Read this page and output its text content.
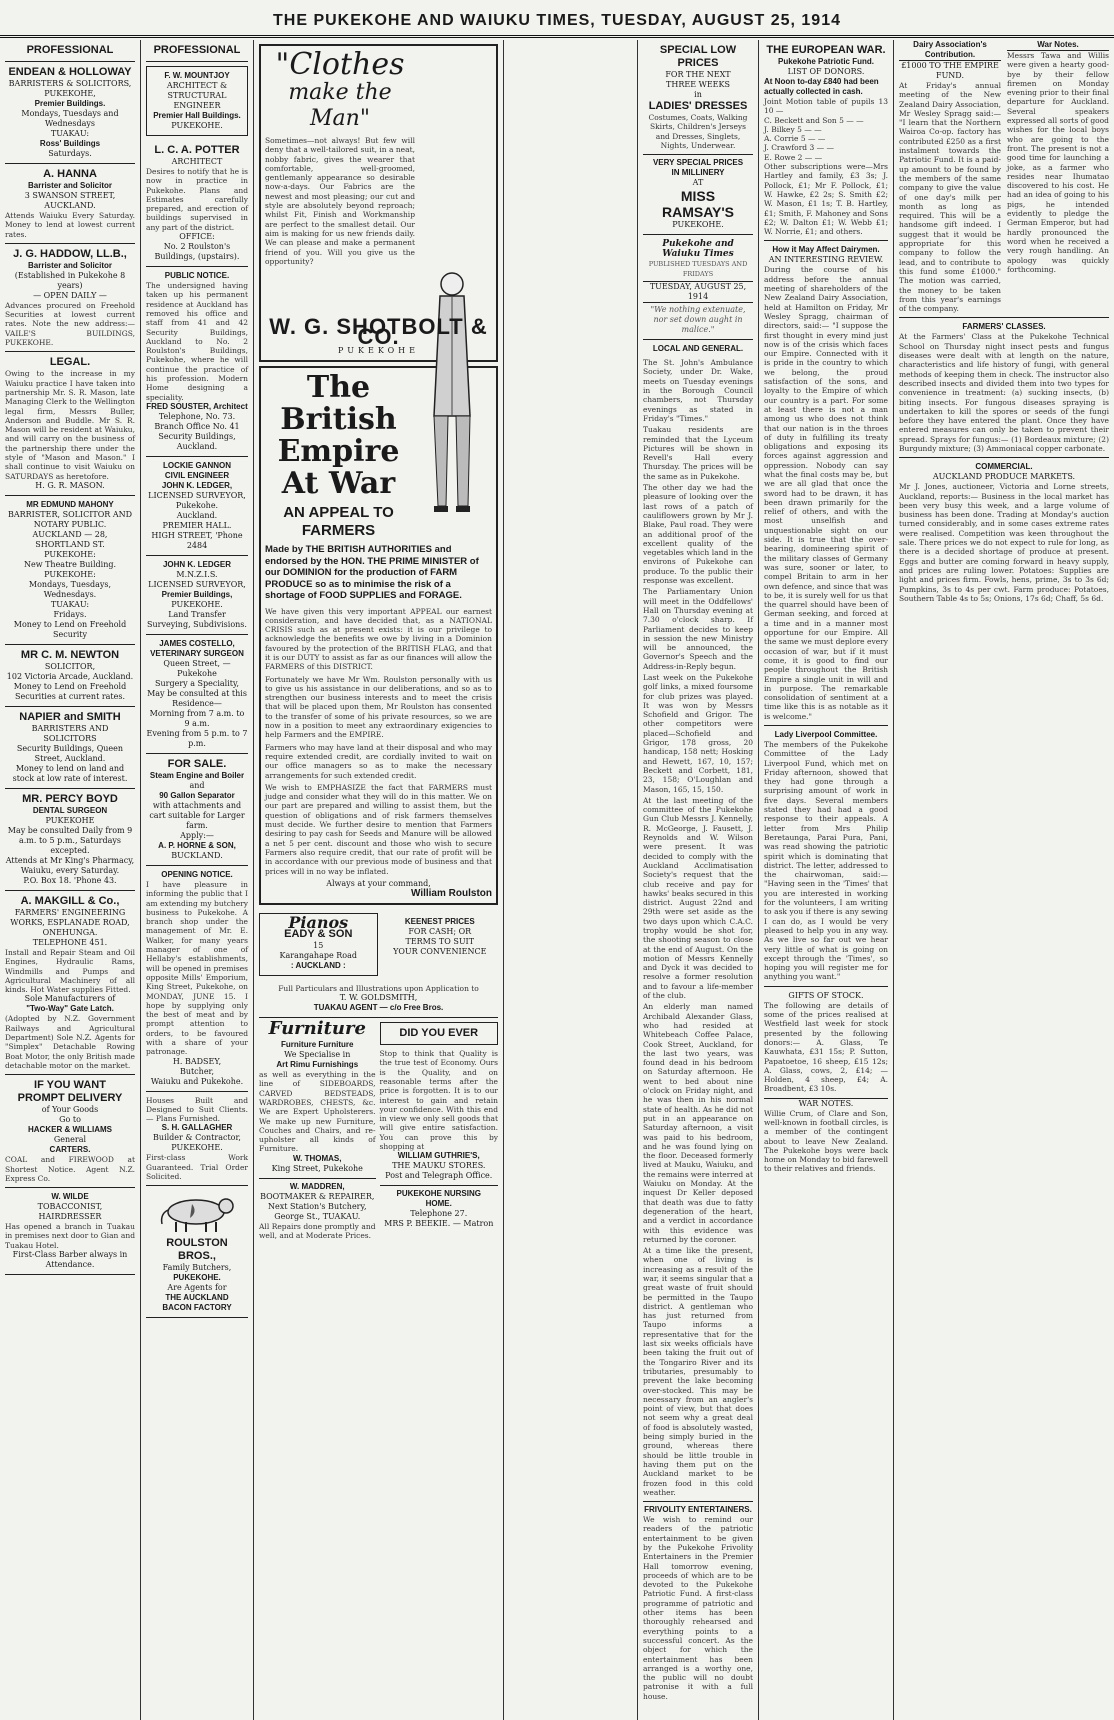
THE PUKEKOHE AND WAIUKU TIMES, TUESDAY, AUGUST 25, 1914
PROFESSIONAL
ENDEAN & HOLLOWAY
BARRISTERS & SOLICITORS, PUKEKOHE,
Premier Buildings.
Mondays, Tuesdays and Wednesdays
TUAKAU:
Ross' Buildings
Saturdays.
A. HANNA
Barrister and Solicitor
3 SWANSON STREET, AUCKLAND.
Attends Waiuku Every Saturday. Money to lend at lowest current rates.
J. G. HADDOW, LL.B.,
Barrister and Solicitor
(Established in Pukekohe 8 years)
— OPEN DAILY —
Advances procured on Freehold Securities at lowest current rates. Note the new address:— VAILE'S BUILDINGS, PUKEKOHE.
LEGAL.
Owing to the increase in my Waiuku practice I have taken into partnership Mr. S. R. Mason, late Managing Clerk to the Wellington legal firm, Messrs Buller, Anderson and Buddle. Mr S. R. Mason will be resident at Waiuku, and will carry on the business of the partnership there under the style of "Mason and Mason." I shall continue to visit Waiuku on SATURDAYS as heretofore.
H. G. R. MASON.
MR EDMUND MAHONY
BARRISTER, SOLICITOR AND NOTARY PUBLIC.
AUCKLAND — 28, SHORTLAND ST.
PUKEKOHE:
New Theatre Building.
PUKEKOHE:
Mondays, Tuesdays, Wednesdays.
TUAKAU:
Fridays.
Money to Lend on Freehold Security
MR C. M. NEWTON
SOLICITOR,
102 Victoria Arcade, Auckland.
Money to Lend on Freehold Securities at current rates.
NAPIER and SMITH
BARRISTERS AND SOLICITORS
Security Buildings, Queen Street, Auckland.
Money to lend on land and stock at low rate of interest.
MR. PERCY BOYD
DENTAL SURGEON
PUKEKOHE
May be consulted Daily from 9 a.m. to 5 p.m., Saturdays excepted.
Attends at Mr King's Pharmacy, Waiuku, every Saturday.
P.O. Box 18. 'Phone 43.
A. MAKGILL & Co.,
FARMERS' ENGINEERING WORKS, ESPLANADE ROAD, ONEHUNGA.
TELEPHONE 451.
Install and Repair Steam and Oil Engines, Hydraulic Rams, Windmills and Pumps and Agricultural Machinery of all kinds. Hot Water supplies Fitted.
Sole Manufacturers of
"Two-Way" Gate Latch.
(Adopted by N.Z. Government Railways and Agricultural Department) Sole N.Z. Agents for "Simplex" Detachable Rowing Boat Motor, the only British made detachable motor on the market.
IF YOU WANT
PROMPT DELIVERY
of Your Goods
Go to
HACKER & WILLIAMS
General
CARTERS.
COAL and FIREWOOD at Shortest Notice. Agent N.Z. Express Co.
W. WILDE
TOBACCONIST, HAIRDRESSER
Has opened a branch in Tuakau in premises next door to Gian and Tuakau Hotel.
First-Class Barber always in Attendance.
PROFESSIONAL
F. W. MOUNTJOY
ARCHITECT & STRUCTURAL ENGINEER
Premier Hall Buildings.
PUKEKOHE.
L. C. A. POTTER
ARCHITECT
Desires to notify that he is now in practice in Pukekohe. Plans and Estimates carefully prepared, and erection of buildings supervised in any part of the district.
OFFICE:
No. 2 Roulston's Buildings, (upstairs).
PUBLIC NOTICE.
The undersigned having taken up his permanent residence at Auckland has removed his office and staff from 41 and 42 Security Buildings, Auckland to No. 2 Roulston's Buildings, Pukekohe, where he will continue the practice of his profession. Modern Home designing a speciality.
FRED SOUSTER, Architect
Telephone, No. 73.
Branch Office No. 41 Security Buildings, Auckland.
LOCKIE GANNON
CIVIL ENGINEER
JOHN K. LEDGER,
LICENSED SURVEYOR,
Pukekohe.
Auckland.
PREMIER HALL.
HIGH STREET, 'Phone 2484
JOHN K. LEDGER
M.N.Z.I.S.
LICENSED SURVEYOR,
Premier Buildings,
PUKEKOHE.
Land Transfer Surveying, Subdivisions.
JAMES COSTELLO,
VETERINARY SURGEON
Queen Street, — Pukekohe
Surgery a Speciality,
May be consulted at this Residence—
Morning from 7 a.m. to 9 a.m.
Evening from 5 p.m. to 7 p.m.
FOR SALE.
Steam Engine and Boiler
and
90 Gallon Separator
with attachments and cart suitable for Larger farm.
Apply:—
A. P. HORNE & SON,
BUCKLAND.
OPENING NOTICE.
I have pleasure in informing the public that I am extending my butchery business to Pukekohe. A branch shop under the management of Mr. E. Walker, for many years manager of one of Hellaby's establishments, will be opened in premises opposite Mills' Emporium, King Street, Pukekohe, on MONDAY, JUNE 15. I hope by supplying only the best of meat and by prompt attention to orders, to be favoured with a share of your patronage.
H. BADSEY,
Butcher,
Waiuku and Pukekohe.
Houses Built and Designed to Suit Clients. — Plans Furnished.
S. H. GALLAGHER
Builder & Contractor,
PUKEKOHE.
First-class Work Guaranteed. Trial Order Solicited.
ROULSTON BROS.,
Family Butchers,
PUKEKOHE.
Are Agents for
THE AUCKLAND
BACON FACTORY
"Clothes
make the Man"
Sometimes—not always! But few will deny that a well-tailored suit, in a neat, nobby fabric, gives the wearer that comfortable, well-groomed, gentlemanly appearance so desirable now-a-days. Our Fabrics are the newest and most pleasing; our cut and style are absolutely beyond reproach; whilst Fit, Finish and Workmanship are perfect to the smallest detail. Our aim is making for us new friends daily. We can please and make a permanent friend of you. Will you give us the opportunity?
W. G. SHOTBOLT & CO.
PUKEKOHE
The British Empire
At War
AN APPEAL TO FARMERS
Made by THE BRITISH AUTHORITIES and endorsed by the HON. THE PRIME MINISTER of our DOMINION for the production of FARM PRODUCE so as to minimise the risk of a shortage of FOOD SUPPLIES and FORAGE.
We have given this very important APPEAL our earnest consideration, and have decided that, as a NATIONAL CRISIS such as at present exists: it is our privilege to acknowledge the benefits we owe by living in a Dominion favoured by the protection of the BRITISH FLAG, and that it is our DUTY to assist as far as our finances will allow the FARMERS of this DISTRICT.
Fortunately we have Mr Wm. Roulston personally with us to give us his assistance in our deliberations, and so as to strengthen our business interests and to meet the crisis that will be placed upon them, Mr Roulston has consented to the transfer of some of his private resources, so we are now in a position to meet any extraordinary exigencies to help Farmers and the EMPIRE.
Farmers who may have land at their disposal and who may require extended credit, are cordially invited to wait on our office managers so as to make the necessary arrangements for such extended credit.
We wish to EMPHASIZE the fact that FARMERS must judge and consider what they will do in this matter. We on our part are prepared and willing to assist them, but the question of obligations and of risk farmers themselves must decide. We further desire to mention that Farmers desiring to pay cash for Seeds and Manure will be allowed a net 5 per cent. discount and those who wish to secure Farmers also require credit, that our rate of profit will be in accordance with our previous mode of business and that prices will in no way be inflated.
Always at your command,
William Roulston
Pianos
EADY & SON
15
Karangahape Road
: AUCKLAND :
KEENEST PRICES
FOR CASH; OR
TERMS TO SUIT
YOUR CONVENIENCE
Full Particulars and Illustrations upon Application to
T. W. GOLDSMITH,
TUAKAU AGENT — c/o Free Bros.
Furniture
Furniture Furniture
We Specialise in
Art Rimu Furnishings
as well as everything in the line of SIDEBOARDS, CARVED BEDSTEADS, WARDROBES, CHESTS, &c. We are Expert Upholsterers. We make up new Furniture, Couches and Chairs, and re-upholster all kinds of Furniture.
W. THOMAS,
King Street, Pukekohe
W. MADDREN,
BOOTMAKER & REPAIRER,
Next Station's Butchery, George St., TUAKAU.
All Repairs done promptly and well, and at Moderate Prices.
DID YOU EVER
Stop to think that Quality is the true test of Economy. Ours is the Quality, and on reasonable terms after the price is forgotten. It is to our interest to gain and retain your confidence. With this end in view we only sell goods that will give entire satisfaction. You can prove this by shopping at
WILLIAM GUTHRIE'S,
THE MAUKU STORES.
Post and Telegraph Office.
PUKEKOHE NURSING
HOME.
Telephone 27.
MRS P. BEEKIE. — Matron
SPECIAL LOW PRICES
FOR THE NEXT
THREE WEEKS
in
LADIES' DRESSES
Costumes, Coats, Walking Skirts, Children's Jerseys and Dresses, Singlets, Nights, Underwear.
VERY SPECIAL PRICES
IN MILLINERY
AT
MISS RAMSAY'S
PUKEKOHE.
Pukekohe and Waiuku Times
PUBLISHED TUESDAYS AND FRIDAYS
TUESDAY, AUGUST 25, 1914
"We nothing extenuate, nor set down aught in malice."
LOCAL AND GENERAL.
The St. John's Ambulance Society, under Dr. Wake, meets on Tuesday evenings in the Borough Council chambers, not Thursday evenings as stated in Friday's "Times."
Tuakau residents are reminded that the Lyceum Pictures will be shown in Revell's Hall every Thursday. The prices will be the same as in Pukekohe.
The other day we had the pleasure of looking over the last rows of a patch of cauliflowers grown by Mr J. Blake, Paul road. They were an additional proof of the excellent quality of the vegetables which land in the environs of Pukekohe can produce. To the public their response was excellent.
The Parliamentary Union will meet in the Oddfellows' Hall on Thursday evening at 7.30 o'clock sharp. If Parliament decides to keep in session the new Ministry will be announced, the Governor's Speech and the Address-in-Reply begun.
Last week on the Pukekohe golf links, a mixed foursome for club prizes was played. It was won by Messrs Schofield and Grigor. The other competitors were placed—Schofield and Grigor, 178 gross, 20 handicap, 158 nett; Hosking and Hewett, 167, 10, 157; Beckett and Corbett, 181, 23, 158; O'Loughlan and Mason, 165, 15, 150.
At the last meeting of the committee of the Pukekohe Gun Club Messrs J. Kennelly, R. McGeorge, J. Fausett, J. Reynolds and W. Wilson were present. It was decided to comply with the Auckland Acclimatisation Society's request that the club receive and pay for hawks' beaks secured in this district. August 22nd and 29th were set aside as the two days upon which C.A.C. trophy would be shot for, the shooting season to close at the end of August. On the motion of Messrs Kennelly and Dyck it was decided to resolve a former resolution and to favour a life-member of the club.
An elderly man named Archibald Alexander Glass, who had resided at Whitebeach Coffee Palace, Cook Street, Auckland, for the last two years, was found dead in his bedroom on Saturday afternoon. He went to bed about nine o'clock on Friday night, and he was then in his normal state of health. As he did not put in an appearance on Saturday afternoon, a visit was paid to his bedroom, and he was found lying on the floor. Deceased formerly lived at Mauku, Waiuku, and the remains were interred at Waiuku on Monday. At the inquest Dr Keller deposed that death was due to fatty degeneration of the heart, and a verdict in accordance with this evidence was returned by the coroner.
At a time like the present, when one of living is increasing as a result of the war, it seems singular that a great waste of fruit should be permitted in the Taupo district. A gentleman who has just returned from Taupo informs a representative that for the last six weeks officials have been taking the fruit out of the Tongariro River and its tributaries, presumably to prevent the lake becoming over-stocked. This may be necessary from an angler's point of view, but that does not seem why a great deal of food is absolutely wasted, being simply buried in the ground, whereas there should be little trouble in having them put on the Auckland market to be frozen food in this cold weather.
FRIVOLITY ENTERTAINERS.
We wish to remind our readers of the patriotic entertainment to be given by the Pukekohe Frivolity Entertainers in the Premier Hall tomorrow evening, proceeds of which are to be devoted to the Pukekohe Patriotic Fund. A first-class programme of patriotic and other items has been thoroughly rehearsed and everything points to a successful concert. As the object for which the entertainment has been arranged is a worthy one, the public will no doubt patronise it with a full house.
THE EUROPEAN WAR.
Pukekohe Patriotic Fund.
LIST OF DONORS.
At Noon to-day £840 had been actually collected in cash.
Joint Motion table of pupils 13 10 —
C. Beckett and Son 5 — —
J. Bilkey 5 — —
A. Corrie 5 — —
J. Crawford 3 — —
E. Rowe 2 — —
Other subscriptions were—Mrs Hartley and family, £3 3s; J. Pollock, £1; Mr F. Pollock, £1; W. Hawke, £2 2s; S. Smith £2; W. Mason, £1 1s; T. B. Hartley, £1; Smith, F. Mahoney and Sons £2; W. Dalton £1; W. Webb £1; W. Norrie, £1; and others.
How it May Affect Dairymen.
AN INTERESTING REVIEW.
During the course of his address before the annual meeting of shareholders of the New Zealand Dairy Association, held at Hamilton on Friday, Mr Wesley Spragg, chairman of directors, said:— "I suppose the first thought in every mind just now is of the crisis which faces our Empire. Connected with it is pride in the country to which we belong, the proud satisfaction of the sons, and loyalty to the Empire of which our country is a part. For some at least there is not a man among us who does not think that our nation is in the throes of duty in fulfilling its treaty obligations and exposing its forces against aggression and oppression. Nobody can say what the final costs may be, but we are all glad that once the sword had to be drawn, it has been drawn primarily for the relief of others, and with the most unselfish and unquestionable sight on our side. It is true that the over-bearing, domineering spirit of the military classes of Germany was sure, sooner or later, to compel Britain to arm in her own defence, and since that was to be, it is surely well for us that the quarrel should have been of German seeking, and forced at a time and in a manner most opportune for our Empire. All the same we must deplore every occasion of war, but if it must come, it is good to find our people throughout the British Empire a single unit in will and in purpose. The remarkable consolidation of sentiment at a time like this is as notable as it is welcome."
Lady Liverpool Committee.
The members of the Pukekohe Committee of the Lady Liverpool Fund, which met on Friday afternoon, showed that they had gone through a surprising amount of work in five days. Several members stated they had had a good response to their appeals. A letter from Mrs Philip Beretaunga, Parai Pura, Pani, was read showing the patriotic spirit which is dominating that district. The letter, addressed to the chairwoman, said:— "Having seen in the 'Times' that you are interested in working for the volunteers, I am writing to ask you if there is any sewing I can do, as I would be very pleased to help you in any way. As we live so far out we hear very little of what is going on except through the 'Times', so hoping you will register me for anything you want."
GIFTS OF STOCK.
The following are details of some of the prices realised at Westfield last week for stock presented by the following donors:— A. Glass, Te Kauwhata, £31 15s; P. Sutton, Papatoetoe, 16 sheep, £15 12s; A. Glass, cows, 2, £14; — Holden, 4 sheep, £4; A. Broadbent, £3 10s.
WAR NOTES.
Willie Crum, of Clare and Son, well-known in football circles, is a member of the contingent about to leave New Zealand. The Pukekohe boys were back home on Monday to bid farewell to their relatives and friends.
Dairy Association's Contribution.
£1000 TO THE EMPIRE FUND.
At Friday's annual meeting of the New Zealand Dairy Association, Mr Wesley Spragg said:— "I learn that the Northern Wairoa Co-op. factory has contributed £250 as a first instalment towards the Patriotic Fund. It is a paid-up amount to be found by the members of the same company to give the value of one day's milk per month as long as required. This will be a handsome gift indeed. I suggest that it would be appropriate for this company to follow the lead, and to contribute to this fund some £1000." The motion was carried, the money to be taken from this year's earnings of the company.
War Notes.
Messrs Tawa and Willis were given a hearty good-bye by their fellow firemen on Monday evening prior to their final departure for Auckland. Several speakers expressed all sorts of good wishes for the local boys who are going to the front. The present is not a good time for launching a joke, as a farmer who resides near Ihumatao discovered to his cost. He had an idea of going to his pigs, he intended evidently to pledge the German Emperor, but had hardly pronounced the word when he received a very rough handling. An apology was quickly forthcoming.
FARMERS' CLASSES.
At the Farmers' Class at the Pukekohe Technical School on Thursday night insect pests and fungus diseases were dealt with at length on the nature, characteristics and life history of fungi, with general methods of keeping them in check. The instructor also described insects and divided them into two types for convenience in treatment: (a) sucking insects, (b) biting insects. For fungous diseases spraying is undertaken to kill the spores or seeds of the fungi before they have entered the plant. Once they have entered measures can only be taken to prevent their spread. Sprays for fungus:— (1) Bordeaux mixture; (2) Burgundy mixture; (3) Ammoniacal copper carbonate.
COMMERCIAL.
AUCKLAND PRODUCE MARKETS.
Mr J. Jones, auctioneer, Victoria and Lorne streets, Auckland, reports:— Business in the local market has been very busy this week, and a large volume of business has been done. Trading at Monday's auction turned considerably, and in some cases extreme rates were realised. Competition was keen throughout the sale. There prices we do not expect to rule for long, as there is a decided shortage of produce at present. Eggs and butter are coming forward in heavy supply, and prices are ruling lower. Potatoes: Supplies are light and prices firm. Fowls, hens, prime, 3s to 3s 6d; Pumpkins, 3s to 4s per cwt. Farm produce: Potatoes, Southern Table 4s to 5s; Onions, 17s 6d; Chaff, 5s 6d.
